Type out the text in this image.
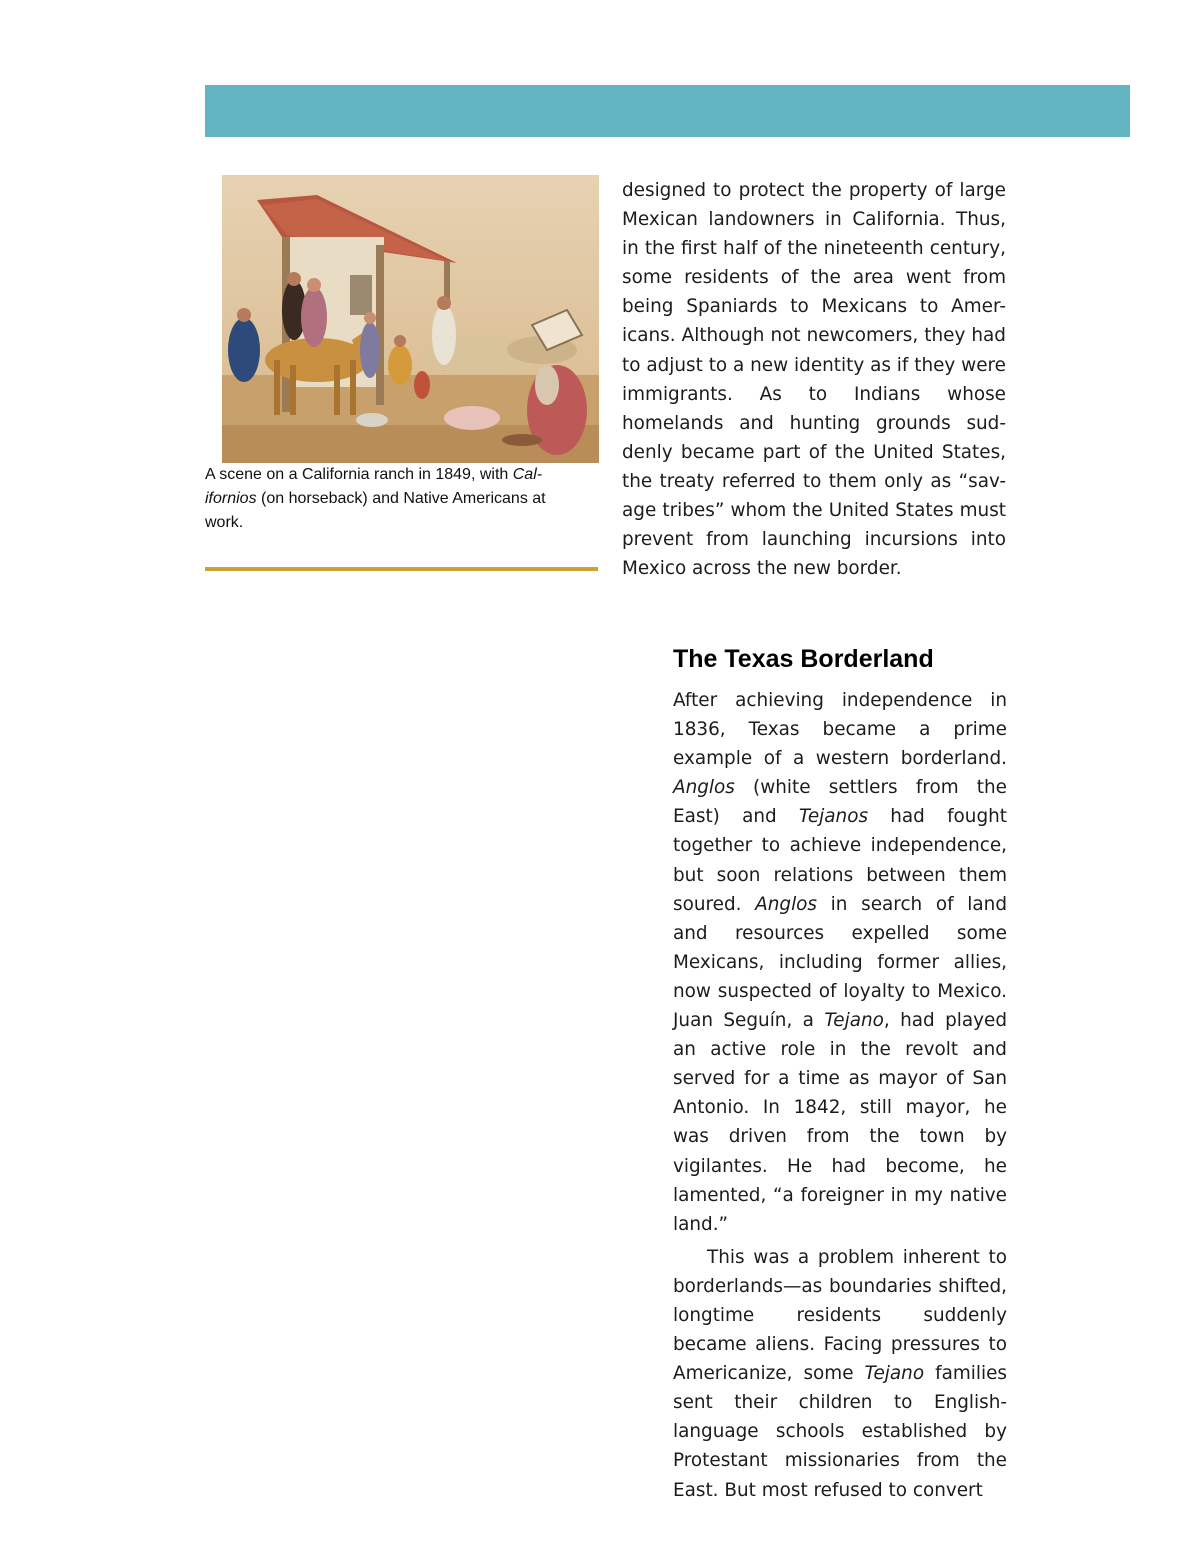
A scene on a California ranch in 1849, with Cal-ifornios (on horseback) and Native Americans at work.

designed to protect the property of large Mexican landowners in California. Thus, in the first half of the nineteenth century, some residents of the area went from being Spaniards to Mexicans to Amer-icans. Although not newcomers, they had to adjust to a new identity as if they were immigrants. As to Indians whose homelands and hunting grounds sud-denly became part of the United States, the treaty referred to them only as “sav-age tribes” whom the United States must prevent from launching incursions into Mexico across the new border.

The Texas Borderland

After achieving independence in 1836, Texas became a prime example of a western borderland. Anglos (white settlers from the East) and Tejanos had fought together to achieve independence, but soon relations between them soured. Anglos in search of land and resources expelled some Mexicans, including former allies, now suspected of loyalty to Mexico. Juan Seguín, a Tejano, had played an active role in the revolt and served for a time as mayor of San Antonio. In 1842, still mayor, he was driven from the town by vigilantes. He had become, he lamented, “a foreigner in my native land.”

This was a problem inherent to borderlands—as boundaries shifted, longtime residents suddenly became aliens. Facing pressures to Americanize, some Tejano families sent their children to English-language schools established by Protestant missionaries from the East. But most refused to convert
